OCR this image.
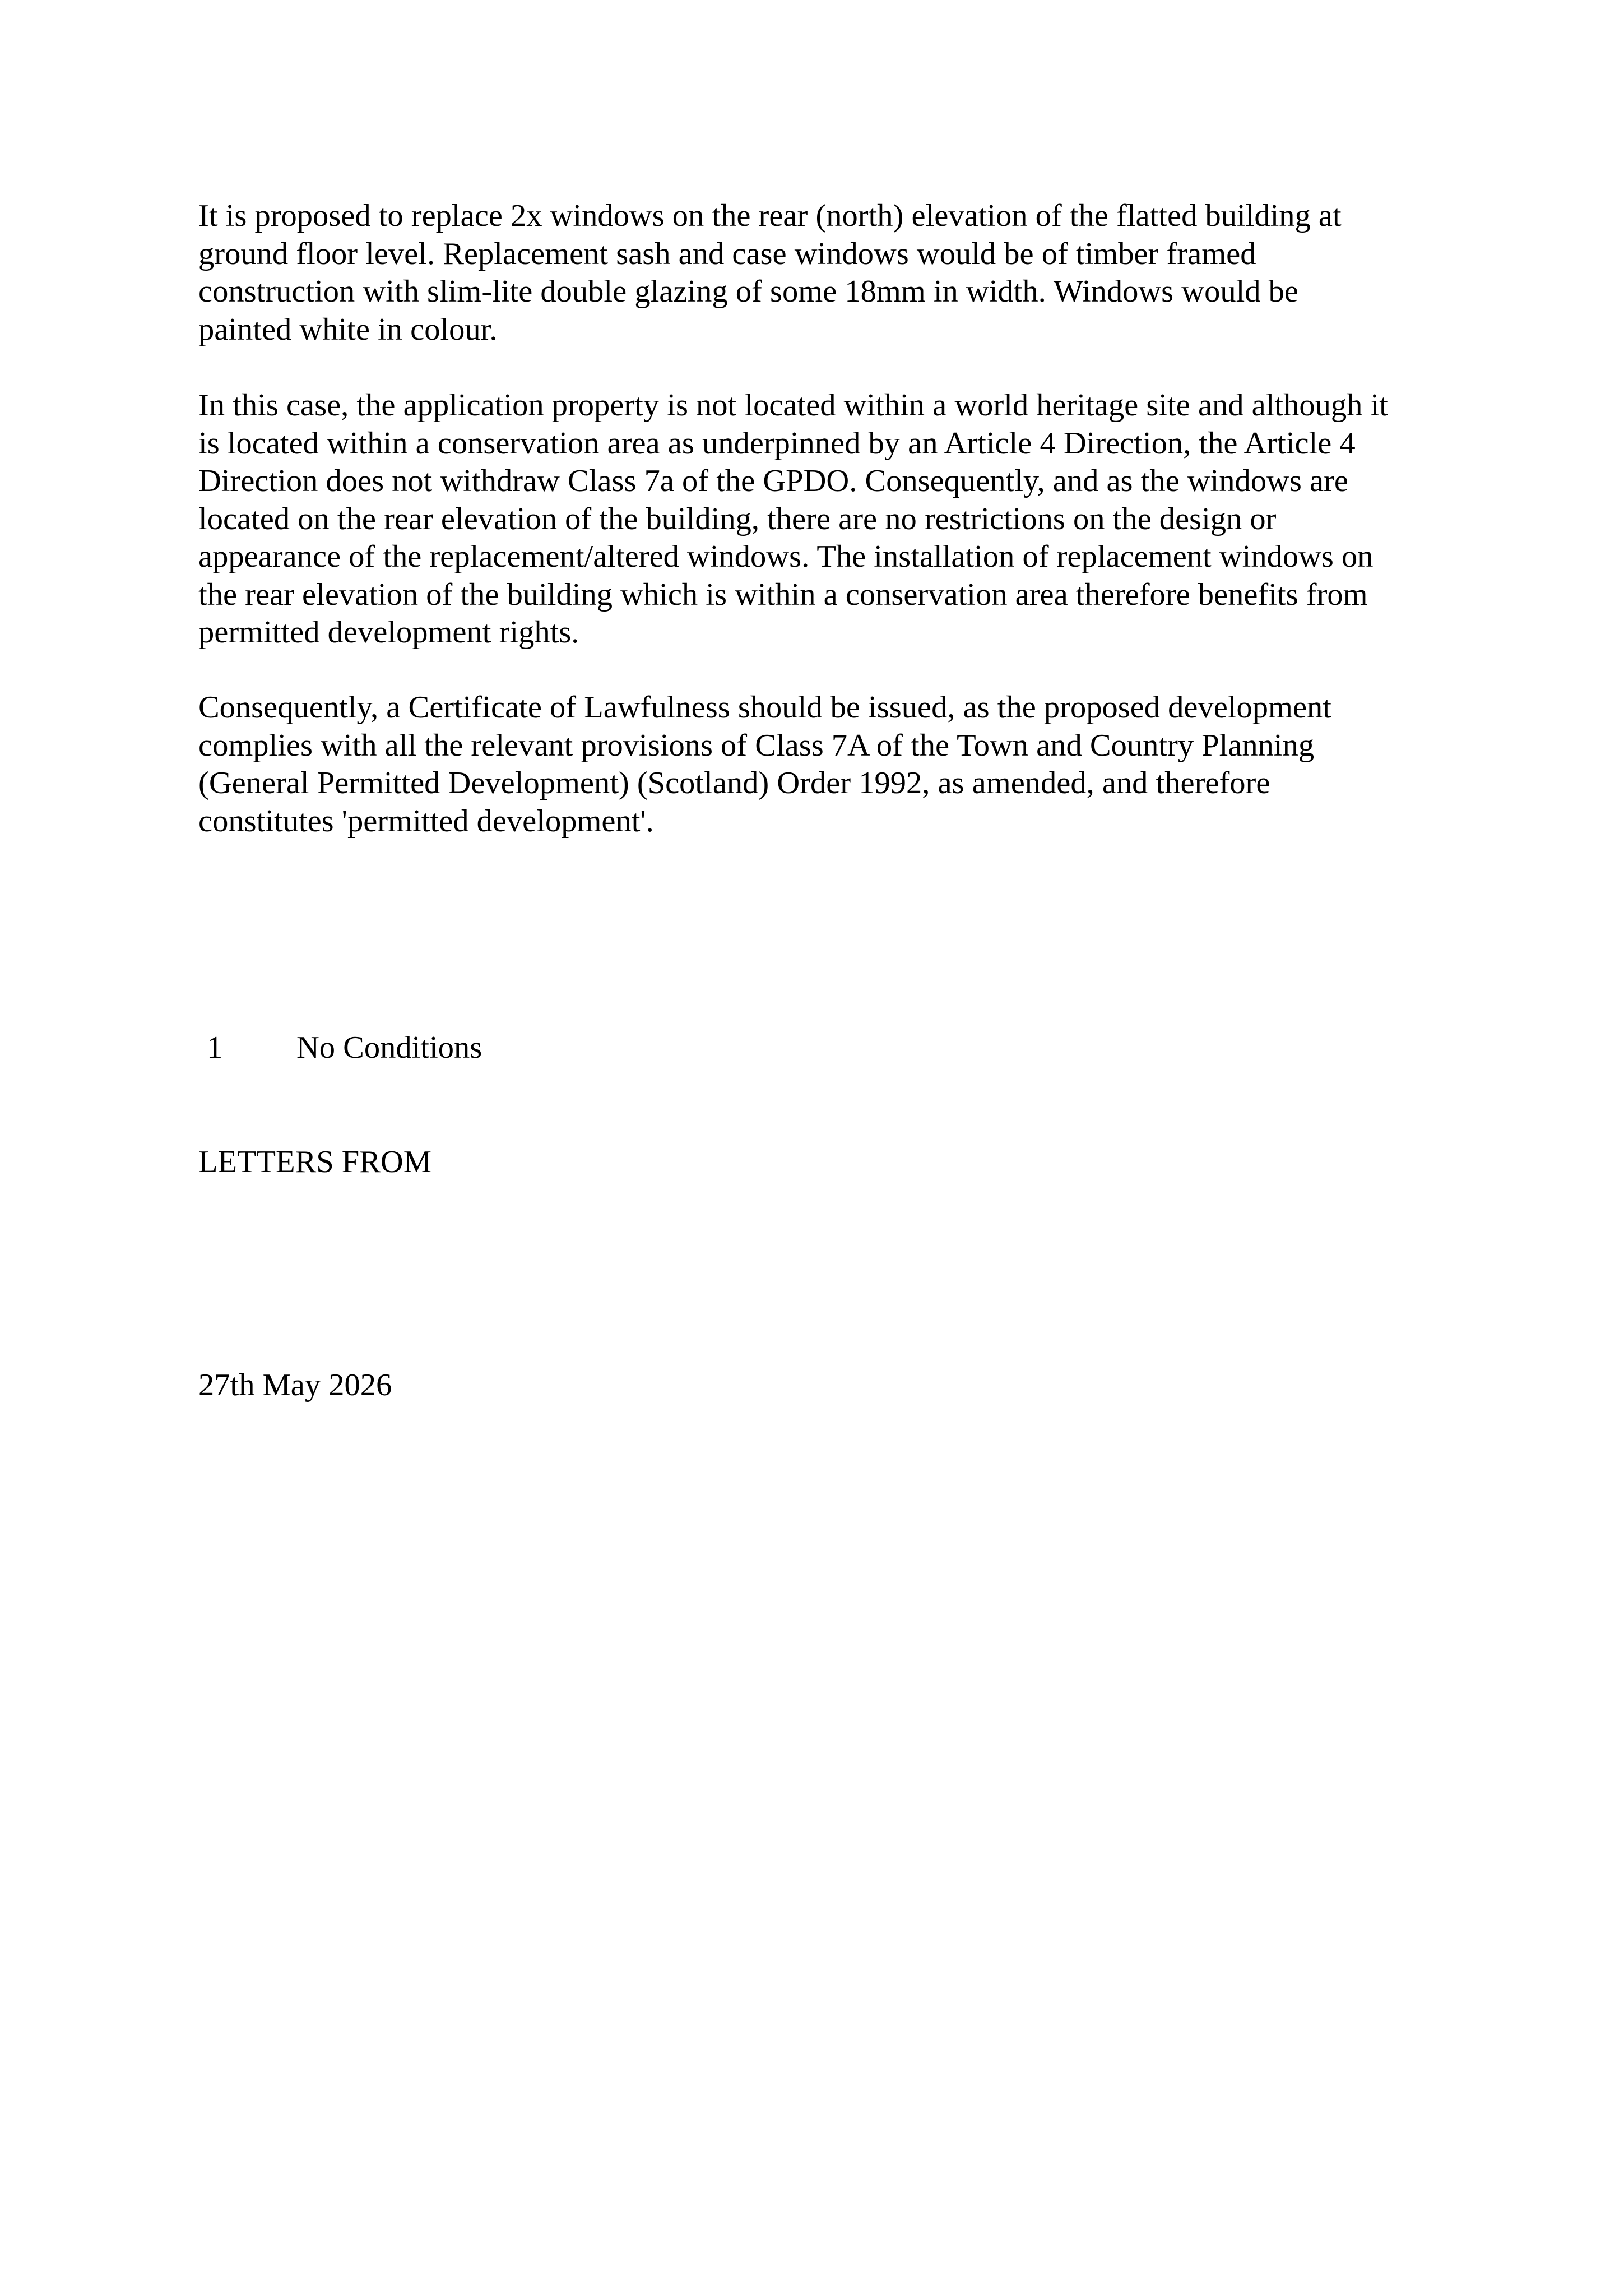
It is proposed to replace 2x windows on the rear (north) elevation of the flatted building at
ground floor level. Replacement sash and case windows would be of timber framed
construction with slim-lite double glazing of some 18mm in width. Windows would be
painted white in colour.

In this case, the application property is not located within a world heritage site and although it
is located within a conservation area as underpinned by an Article 4 Direction, the Article 4
Direction does not withdraw Class 7a of the GPDO. Consequently, and as the windows are
located on the rear elevation of the building, there are no restrictions on the design or
appearance of the replacement/altered windows. The installation of replacement windows on
the rear elevation of the building which is within a conservation area therefore benefits from
permitted development rights.

Consequently, a Certificate of Lawfulness should be issued, as the proposed development
complies with all the relevant provisions of Class 7A of the Town and Country Planning
(General Permitted Development) (Scotland) Order 1992, as amended, and therefore
constitutes 'permitted development'.

1 No Conditions
LETTERS FROM
27th May 2026
